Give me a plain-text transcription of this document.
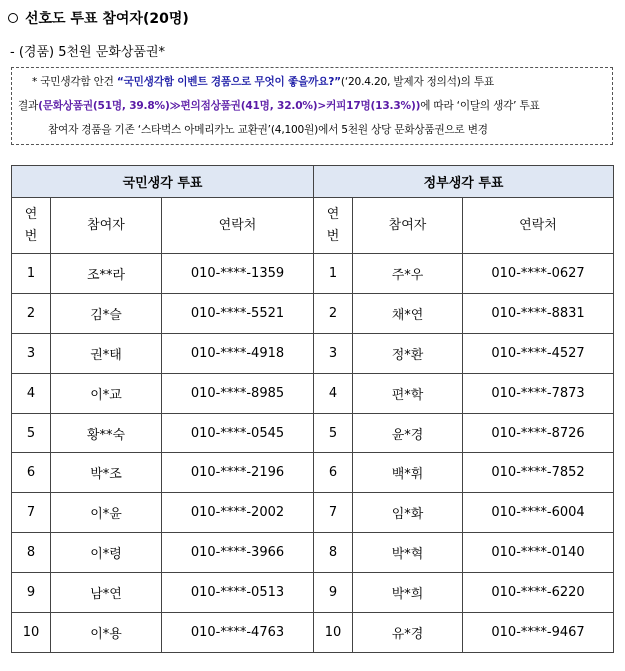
선호도 투표 참여자(20명)
- (경품) 5천원 문화상품권*
* 국민생각함 안건 “국민생각함 이벤트 경품으로 무엇이 좋을까요?”(‘20.4.20, 발제자 정의석)의 투표
결과(문화상품권(51명, 39.8%)≫편의점상품권(41명, 32.0%)>커피17명(13.3%))에 따라 ‘이달의 생각’ 투표
참여자 경품을 기존 ‘스타벅스 아메리카노 교환권’(4,100원)에서 5천원 상당 문화상품권으로 변경
국민생각 투표			정부생각 투표		
연번	참여자	연락처	연번	참여자	연락처
1	조**라	010-****-1359	1	주*우	010-****-0627
2	김*슬	010-****-5521	2	채*연	010-****-8831
3	권*태	010-****-4918	3	정*환	010-****-4527
4	이*교	010-****-8985	4	편*학	010-****-7873
5	황**숙	010-****-0545	5	윤*경	010-****-8726
6	박*조	010-****-2196	6	백*휘	010-****-7852
7	이*윤	010-****-2002	7	임*화	010-****-6004
8	이*령	010-****-3966	8	박*혁	010-****-0140
9	남*연	010-****-0513	9	박*희	010-****-6220
10	이*용	010-****-4763	10	유*경	010-****-9467
